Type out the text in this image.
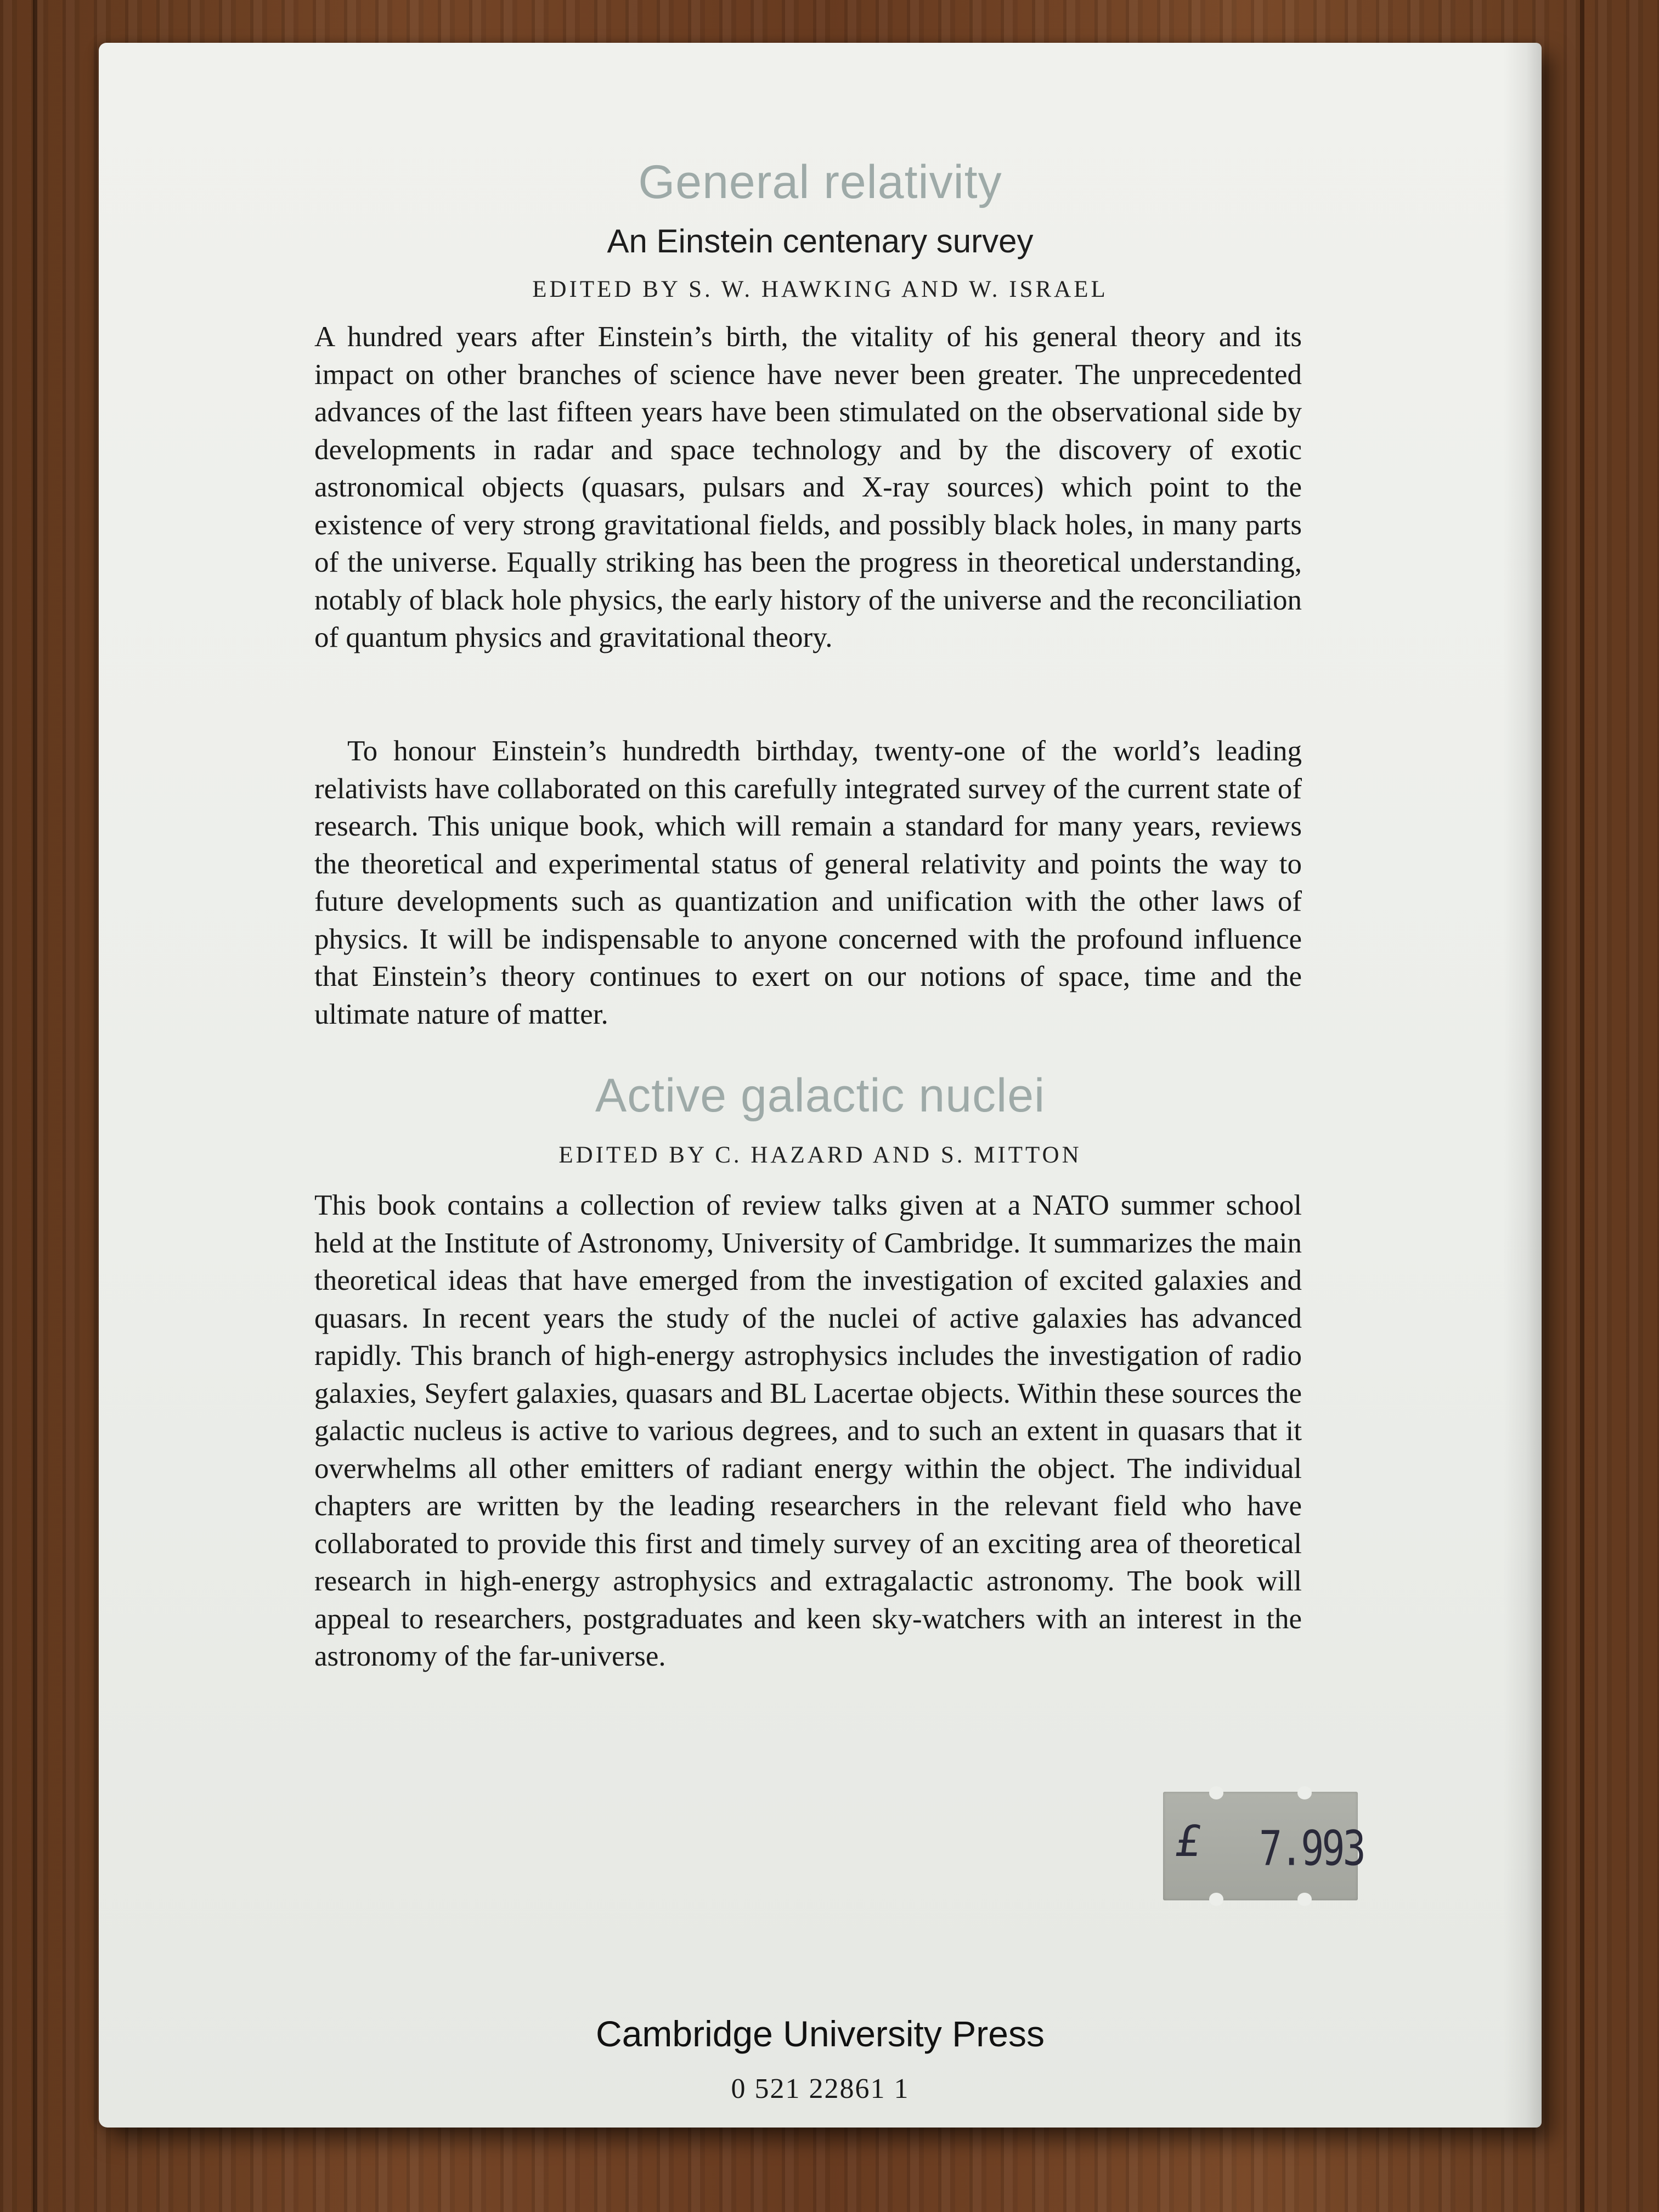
General relativity
An Einstein centenary survey
EDITED BY S. W. HAWKING AND W. ISRAEL

A hundred years after Einstein’s birth, the vitality of his general theory and its impact on other branches of science have never been greater. The unprecedented advances of the last fifteen years have been stimulated on the observational side by developments in radar and space technology and by the discovery of exotic astronomical objects (quasars, pulsars and X-ray sources) which point to the existence of very strong gravitational fields, and possibly black holes, in many parts of the universe. Equally striking has been the progress in theoretical understanding, notably of black hole physics, the early history of the universe and the reconciliation of quantum physics and gravitational theory.

To honour Einstein’s hundredth birthday, twenty-one of the world’s leading relativists have collaborated on this carefully integrated survey of the current state of research. This unique book, which will remain a standard for many years, reviews the theoretical and experimental status of general relativity and points the way to future developments such as quantization and unification with the other laws of physics. It will be indispensable to anyone concerned with the profound influence that Einstein’s theory continues to exert on our notions of space, time and the ultimate nature of matter.

Active galactic nuclei
EDITED BY C. HAZARD AND S. MITTON

This book contains a collection of review talks given at a NATO summer school held at the Institute of Astronomy, University of Cambridge. It summarizes the main theoretical ideas that have emerged from the investigation of excited galaxies and quasars. In recent years the study of the nuclei of active galaxies has advanced rapidly. This branch of high-energy astrophysics includes the investigation of radio galaxies, Seyfert galaxies, quasars and BL Lacertae objects. Within these sources the galactic nucleus is active to various degrees, and to such an extent in quasars that it overwhelms all other emitters of radiant energy within the object. The individual chapters are written by the leading researchers in the relevant field who have collaborated to provide this first and timely survey of an exciting area of theoretical research in high-energy astrophysics and extragalactic astronomy. The book will appeal to researchers, postgraduates and keen sky-watchers with an interest in the astronomy of the far-universe.

£ 7.993
Cambridge University Press
0 521 22861 1
